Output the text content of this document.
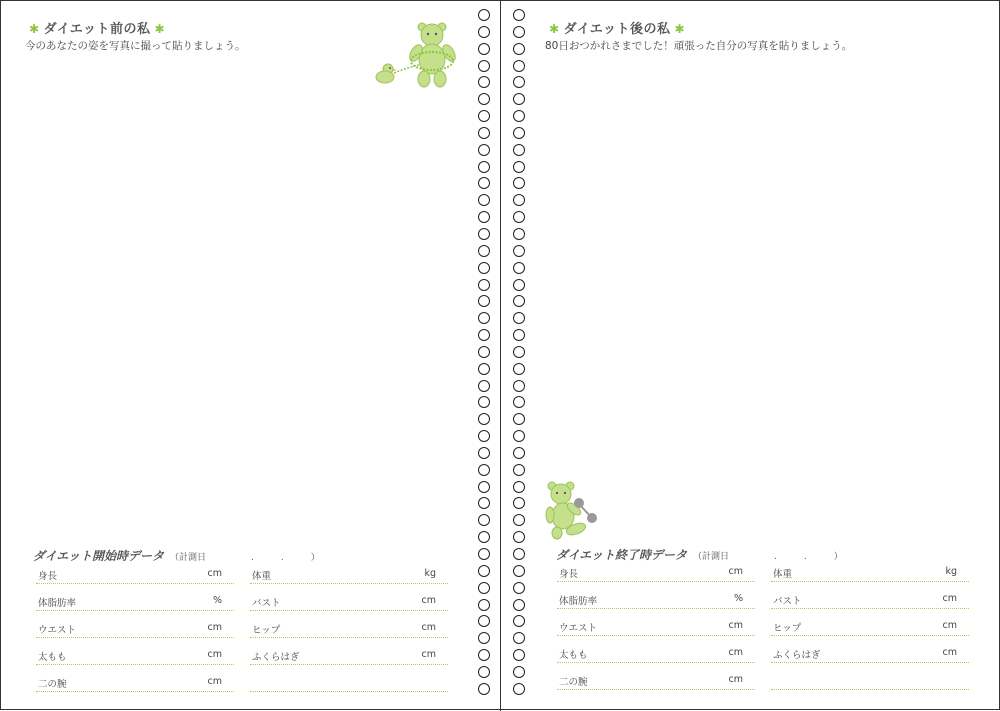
✱ ダイエット前の私 ✱
今のあなたの姿を写真に撮って貼りましょう。
ダイエット開始時データ （計測日　　　　　.　　　.　　　）
身長	cm
体脂肪率	%
ウエスト	cm
太もも	cm
二の腕	cm
体重	kg
バスト	cm
ヒップ	cm
ふくらはぎ	cm
✱ ダイエット後の私 ✱
80日おつかれさまでした！頑張った自分の写真を貼りましょう。
ダイエット終了時データ （計測日　　　　　.　　　.　　　）
身長	cm
体脂肪率	%
ウエスト	cm
太もも	cm
二の腕	cm
体重	kg
バスト	cm
ヒップ	cm
ふくらはぎ	cm
